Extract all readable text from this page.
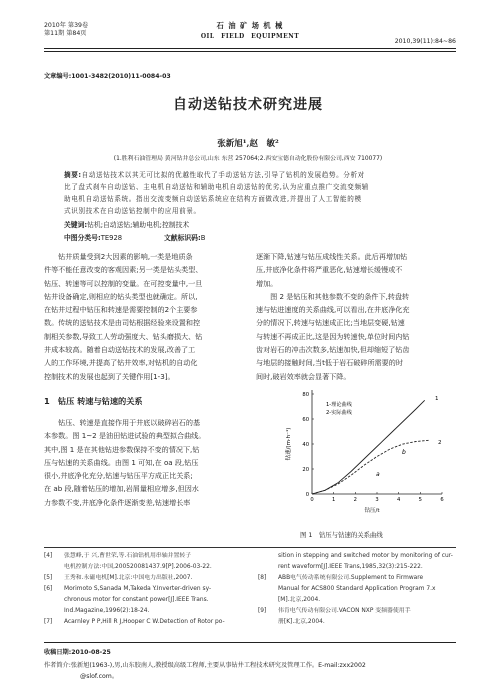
2010年 第39卷
第11期 第84页
石 油 矿 场 机 械
OIL　FIELD　EQUIPMENT
2010,39(11):84~86
文章编号:1001-3482(2010)11-0084-03
自动送钻技术研究进展
张新旭¹,赵　敏²
(1.胜利石油管理局 黄河钻井总公司,山东 东营 257064;2.西安宝德自动化股份有限公司,西安 710077)
摘要:自动送钻技术以其无可比拟的优越性取代了手动送钻方法,引导了钻机的发展趋势。分析对
比了盘式刹车自动送钻、主电机自动送钻和辅助电机自动送钻的优劣,认为应重点推广交流变频辅
助电机自动送钻系统。指出交流变频自动送钻系统应在结构方面做改进,并提出了人工智能的模
式识别技术在自动送钻控制中的应用前景。
关键词:钻机;自动送钻;辅助电机;控制技术
中图分类号:TE928	文献标识码:B
　　钻井质量受到2大因素的影响,一类是地质条
件等不能任意改变的客观因素;另一类是钻头类型、
钻压、转速等可以控制的变量。在可控变量中,一旦
钻井设备确定,则相应的钻头类型也就确定。所以,
在钻井过程中钻压和转速是需要控制的2个主要参
数。传统的送钻技术是由司钻根据经验来设置和控
制相关参数,导致工人劳动强度大、钻头磨损大、钻
井成本较高。随着自动送钻技术的发展,改善了工
人的工作环境,并提高了钻井效率,对钻机的自动化
控制技术的发展也起到了关键作用[1-3]。
1　钻压 转速与钻速的关系
　　钻压、转速是直接作用于井底以破碎岩石的基
本参数。图 1~2 是油田钻进试验的典型拟合曲线。
其中,图 1 是在其他钻进参数保持不变的情况下,钻
压与钻速的关系曲线。由图 1 可知,在 oa 段,钻压
很小,井底净化充分,钻速与钻压平方成正比关系;
在 ab 段,随着钻压的增加,岩屑量相应增多,但因水
力参数不变,井底净化条件逐渐变差,钻速增长率
逐渐下降,钻速与钻压成线性关系。此后再增加钻
压,井底净化条件将严重恶化,钻速增长缓慢或不
增加。
　　图 2 是钻压和其他参数不变的条件下,转盘转
速与钻进速度的关系曲线,可以看出,在井底净化充
分的情况下,转速与钻速成正比;当地层变硬,钻速
与转速不再成正比,这是因为转速快,单位时间内钻
齿对岩石的冲击次数多,钻速加快,但却缩短了钻齿
与地层的接触时间,当t低于岩石破碎所需要的时
间时,破岩效率就会显著下降。
0	1	2	3	4	5	6
0
20
40
60
80
钻速/(m·h⁻¹)
钻压/t
1-理论曲线
2-实际曲线
1
2
a
b
图 1　钻压与钻速的关系曲线
[4] 张慧峰,于 兴,曹世荣,等.石油钻机用串轴并置转子
电机控制方法:中国,200520081437.9[P].2006-03-22.
[5] 王秀和.永磁电机[M].北京:中国电力出版社,2007.
[6] Morimoto S,Sanada M,Takeda Y.Inverter-driven sy-
chronous motor for constant power[J].IEEE Trans.
Ind.Magazine,1996(2):18-24.
[7] Acarnley P P,Hill R J,Hooper C W.Detection of Rotor po-
sition in stepping and switched motor by monitoring of cur-
rent waveform[J].IEEE Trans,1985,32(3):215-222.
[8] ABB电气传动系统有限公司.Supplement to Firmware
Manual for ACS800 Standard Application Program 7.x
[M].北京,2004.
[9] 伟肯电气传动有限公司.VACON NXP 变频器使用手
册[K].北京,2004.
收稿日期:2010-08-25
作者简介:张新旭(1963-),男,山东胶南人,教授级高级工程师,主要从事钻井工程技术研究及管理工作。E-mail:zxx2002
@slof.com。
